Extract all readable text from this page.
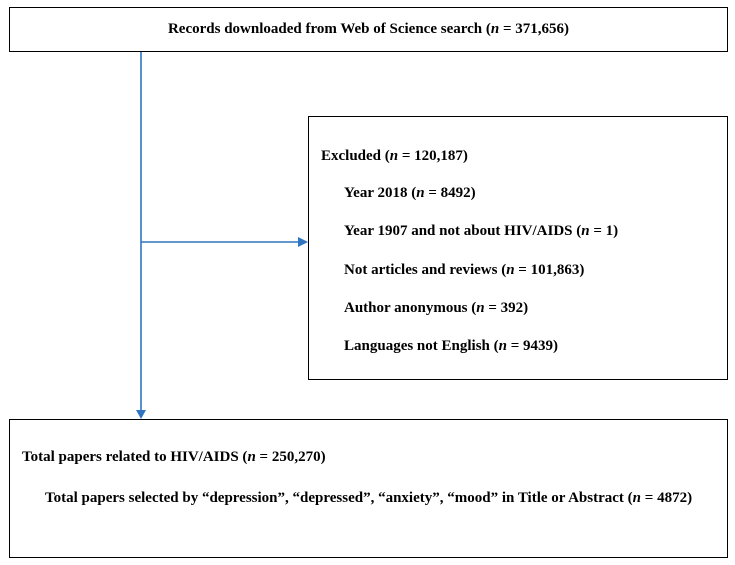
Records downloaded from Web of Science search (n = 371,656)
Excluded (n = 120,187)
Year 2018 (n = 8492)
Year 1907 and not about HIV/AIDS (n = 1)
Not articles and reviews (n = 101,863)
Author anonymous (n = 392)
Languages not English (n = 9439)
Total papers related to HIV/AIDS (n = 250,270)
Total papers selected by “depression”, “depressed”, “anxiety”, “mood” in Title or Abstract (n = 4872)
